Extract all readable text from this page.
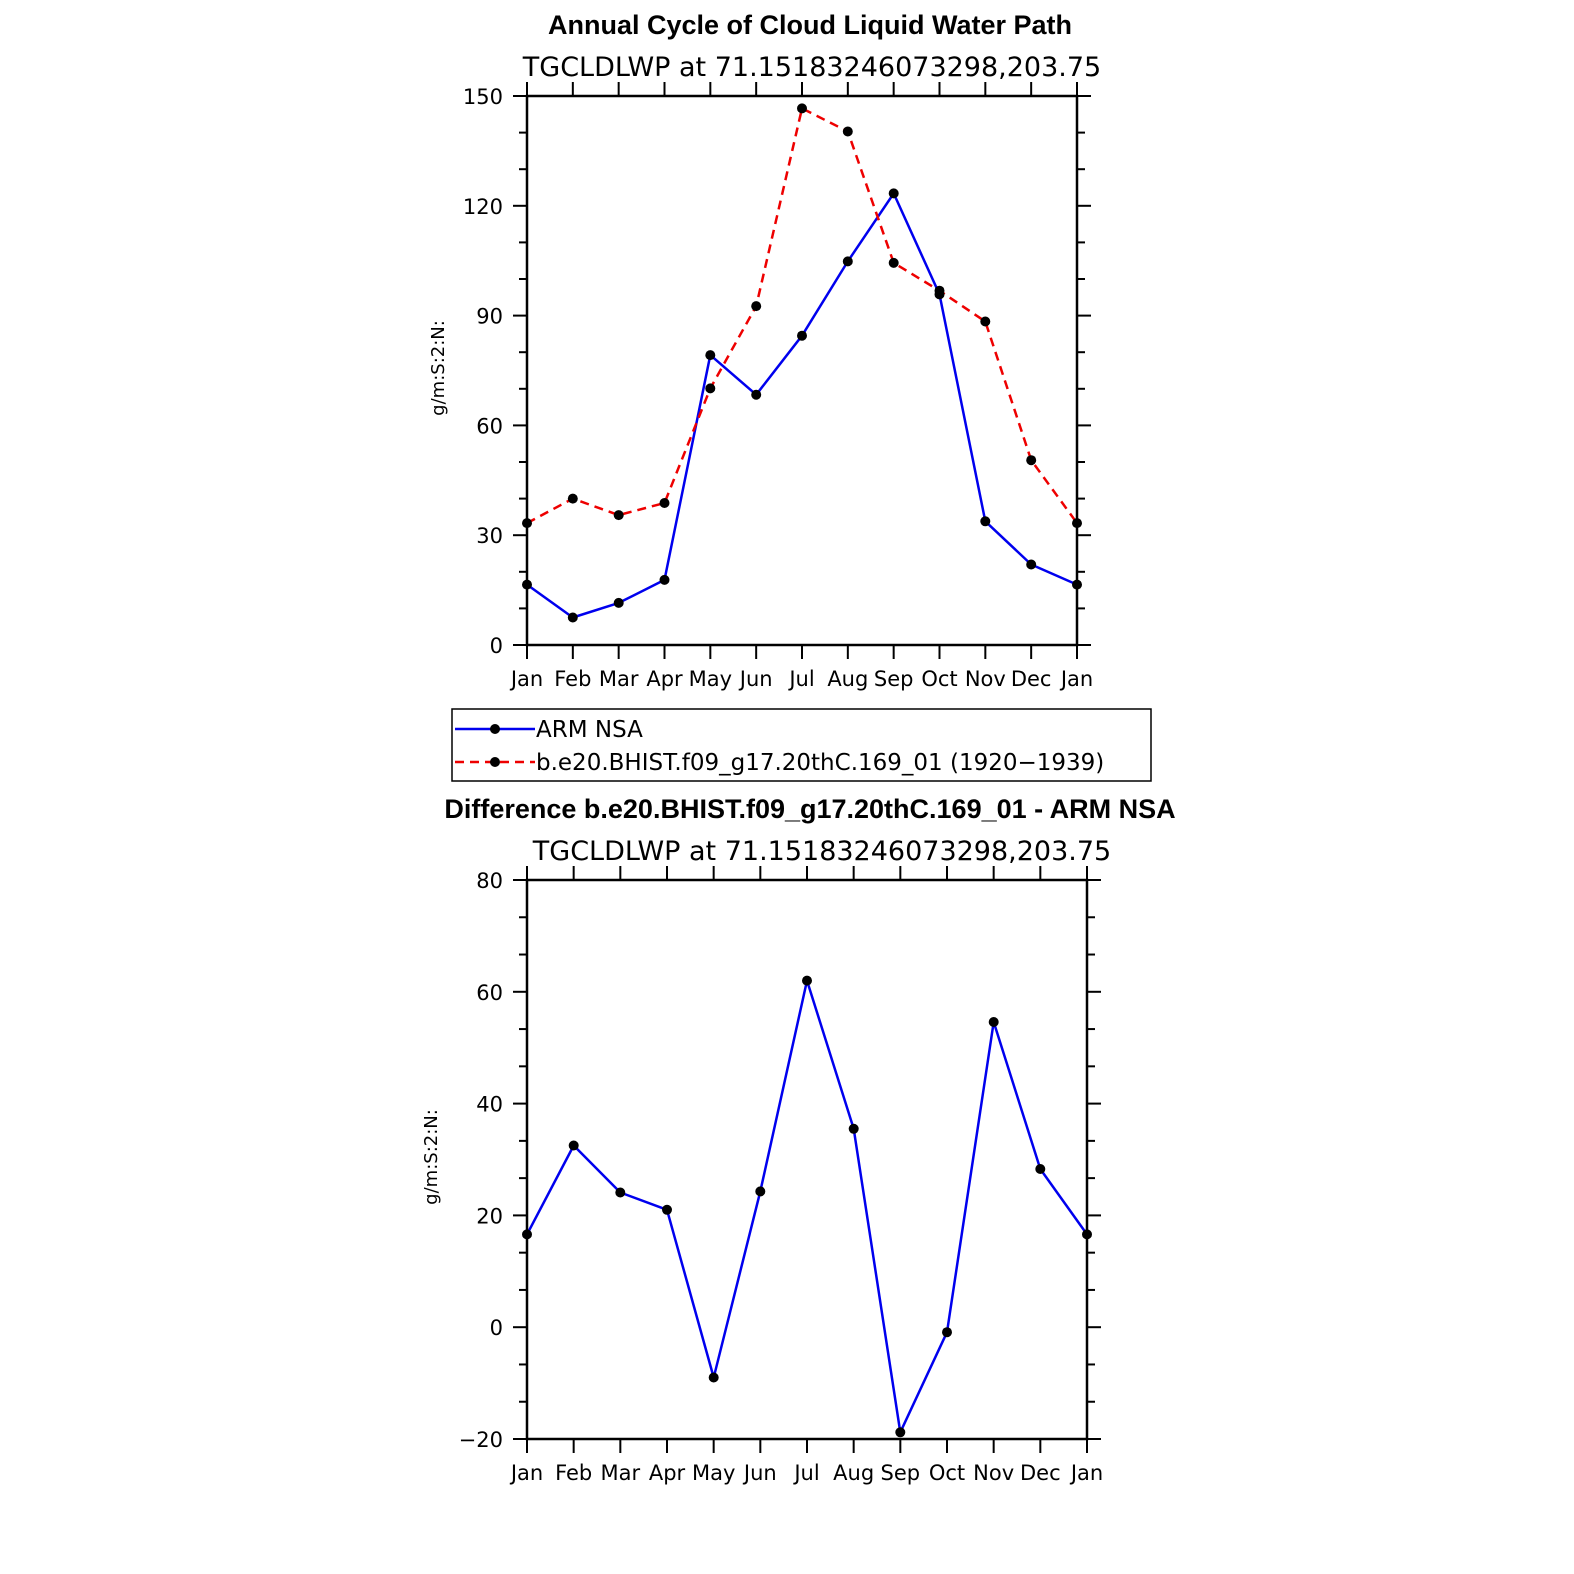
Annual Cycle of Cloud Liquid Water Path
TGCLDLWP at 71.15183246073298,203.75
g/m:S:2:N:
0
30
60
90
120
150
Jan Feb Mar Apr May Jun Jul Aug Sep Oct Nov Dec Jan
ARM NSA
b.e20.BHIST.f09_g17.20thC.169_01 (1920−1939)
Difference b.e20.BHIST.f09_g17.20thC.169_01 - ARM NSA
TGCLDLWP at 71.15183246073298,203.75
g/m:S:2:N:
−20
0
20
40
60
80
Jan Feb Mar Apr May Jun Jul Aug Sep Oct Nov Dec Jan
